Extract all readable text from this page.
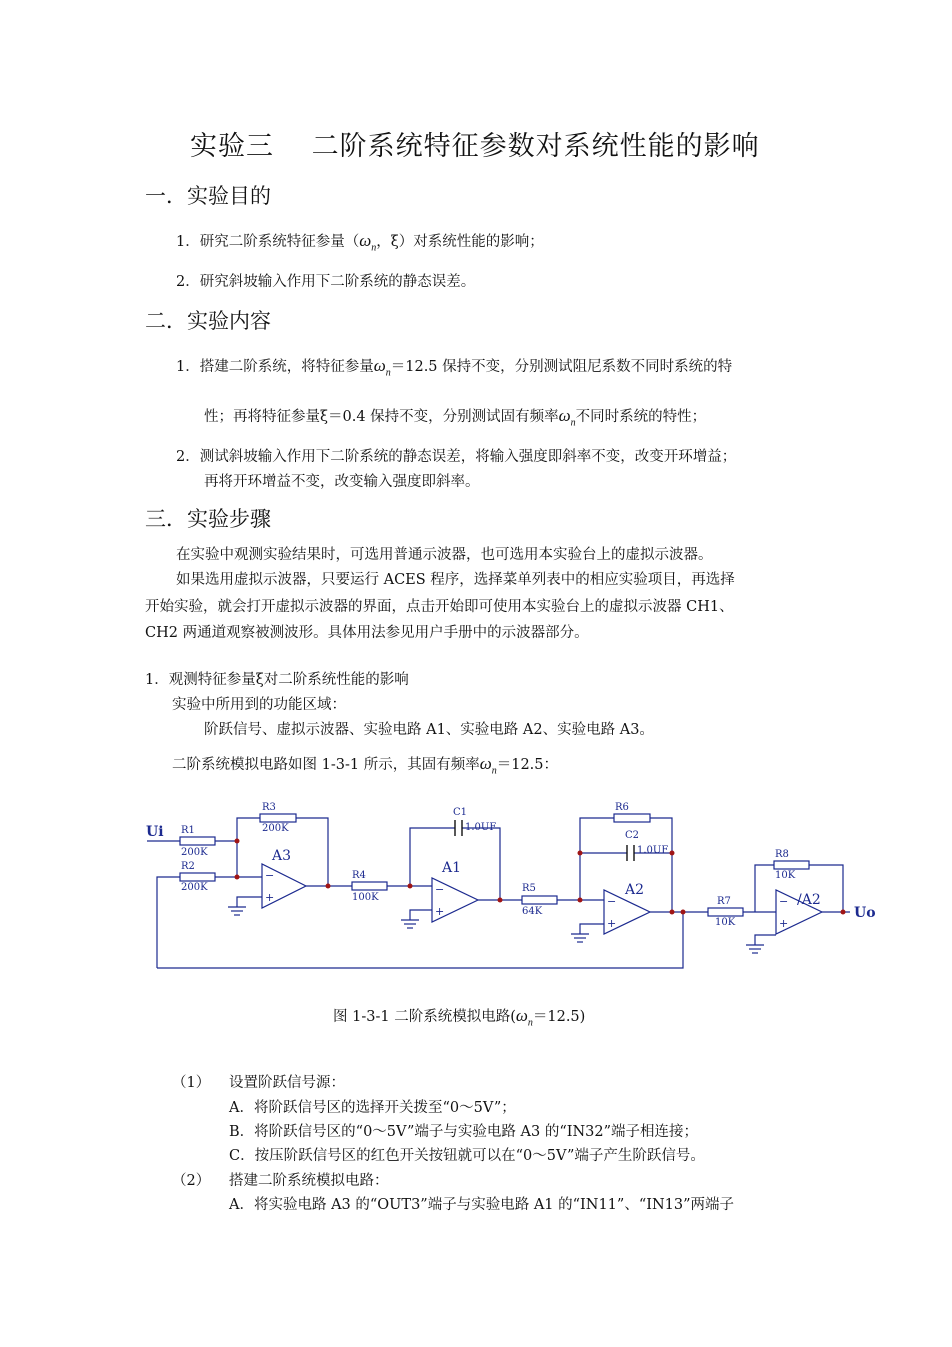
实验三　 二阶系统特征参数对系统性能的影响
一．实验目的
1．研究二阶系统特征参量（$\omega_n$，ξ）对系统性能的影响；
2．研究斜坡输入作用下二阶系统的静态误差。
二．实验内容
1．搭建二阶系统，将特征参量$\omega_n=12.5$ 保持不变，分别测试阻尼系数不同时系统的特
性；再将特征参量ξ＝0.4 保持不变，分别测试固有频率$\omega_n$不同时系统的特性；
2．测试斜坡输入作用下二阶系统的静态误差，将输入强度即斜率不变，改变开环增益；
再将开环增益不变，改变输入强度即斜率。
三．实验步骤
在实验中观测实验结果时，可选用普通示波器，也可选用本实验台上的虚拟示波器。
如果选用虚拟示波器，只要运行 ACES 程序，选择菜单列表中的相应实验项目，再选择
开始实验，就会打开虚拟示波器的界面，点击开始即可使用本实验台上的虚拟示波器 CH1、
CH2 两通道观察被测波形。具体用法参见用户手册中的示波器部分。
1．观测特征参量ξ对二阶系统性能的影响
实验中所用到的功能区域：
阶跃信号、虚拟示波器、实验电路 A1、实验电路 A2、实验电路 A3。
二阶系统模拟电路如图 1-3-1 所示，其固有频率$\omega_n=12.5$：
Ui
Uo
R1
200K
R2
200K
R3
200K
R4
100K
R5
64K
R6
R7
10K
R8
10K
C1
1.0UF
C2
1.0UF
A3
A1
A2
/A2
−
+
−
+
−
+
−
+
图 1-3-1 二阶系统模拟电路$(\omega_n=12.5)$
（1） 设置阶跃信号源：
A．将阶跃信号区的选择开关拨至“0～5V”；
B．将阶跃信号区的“0～5V”端子与实验电路 A3 的“IN32”端子相连接；
C．按压阶跃信号区的红色开关按钮就可以在“0～5V”端子产生阶跃信号。
（2） 搭建二阶系统模拟电路：
A．将实验电路 A3 的“OUT3”端子与实验电路 A1 的“IN11”、“IN13”两端子
